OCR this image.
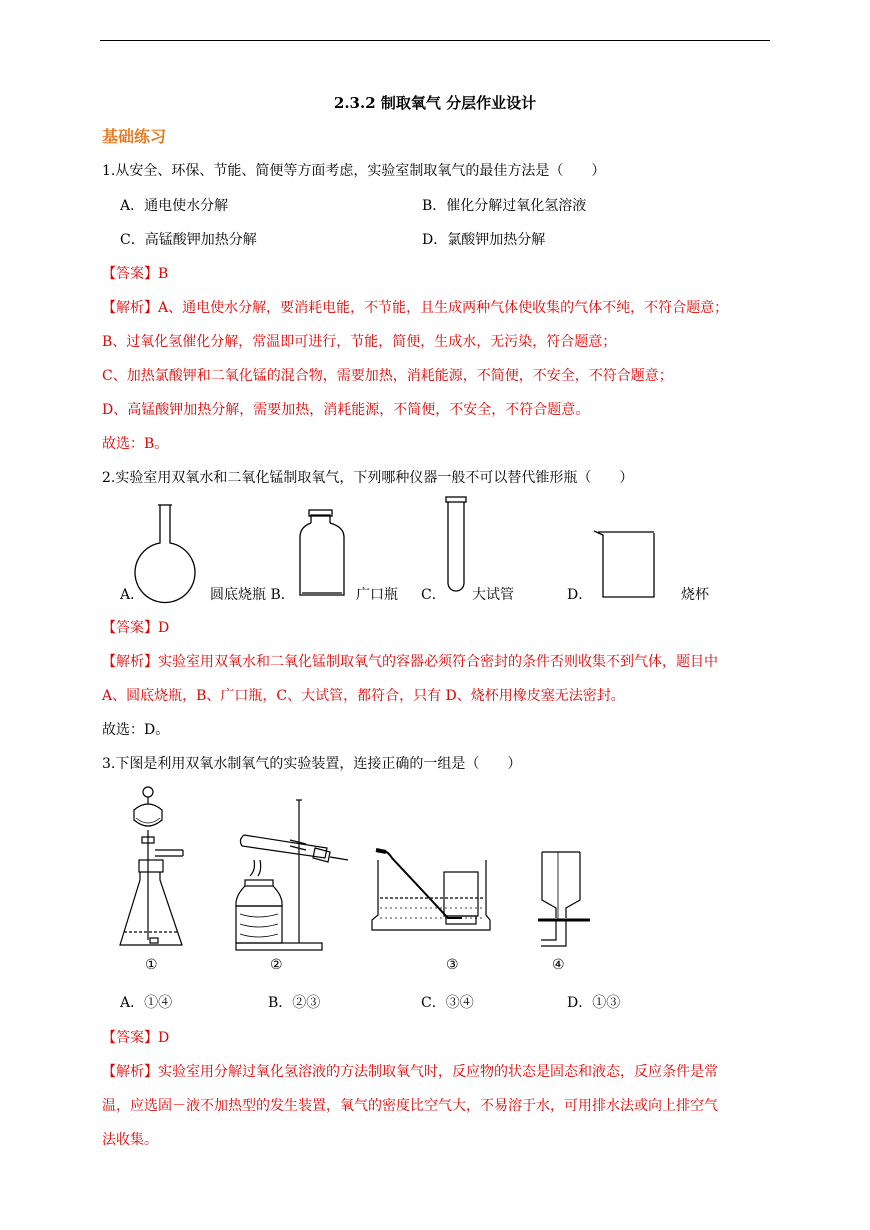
2.3.2 制取氧气 分层作业设计
基础练习
1.从安全、环保、节能、简便等方面考虑，实验室制取氧气的最佳方法是（　　）
A．通电使水分解	B．催化分解过氧化氢溶液
C．高锰酸钾加热分解	D．氯酸钾加热分解
【答案】B
【解析】A、通电使水分解，要消耗电能，不节能，且生成两种气体使收集的气体不纯，不符合题意；
B、过氧化氢催化分解，常温即可进行，节能，简便，生成水，无污染，符合题意；
C、加热氯酸钾和二氧化锰的混合物，需要加热，消耗能源，不简便，不安全，不符合题意；
D、高锰酸钾加热分解，需要加热，消耗能源，不简便，不安全，不符合题意。
故选：B。
2.实验室用双氧水和二氧化锰制取氧气，下列哪种仪器一般不可以替代锥形瓶（　　）
A．	圆底烧瓶 B．	广口瓶 C． 大试管	D．	烧杯
【答案】D
【解析】实验室用双氧水和二氧化锰制取氧气的容器必须符合密封的条件否则收集不到气体，题目中
A、圆底烧瓶，B、广口瓶，C、大试管，都符合，只有 D、烧杯用橡皮塞无法密封。
故选：D。
3.下图是利用双氧水制氧气的实验装置，连接正确的一组是（　　）
①	②	③	④
A．①④	B．②③	C．③④	D．①③
【答案】D
【解析】实验室用分解过氧化氢溶液的方法制取氧气时，反应物的状态是固态和液态，反应条件是常
温，应选固－液不加热型的发生装置，氧气的密度比空气大，不易溶于水，可用排水法或向上排空气
法收集。
